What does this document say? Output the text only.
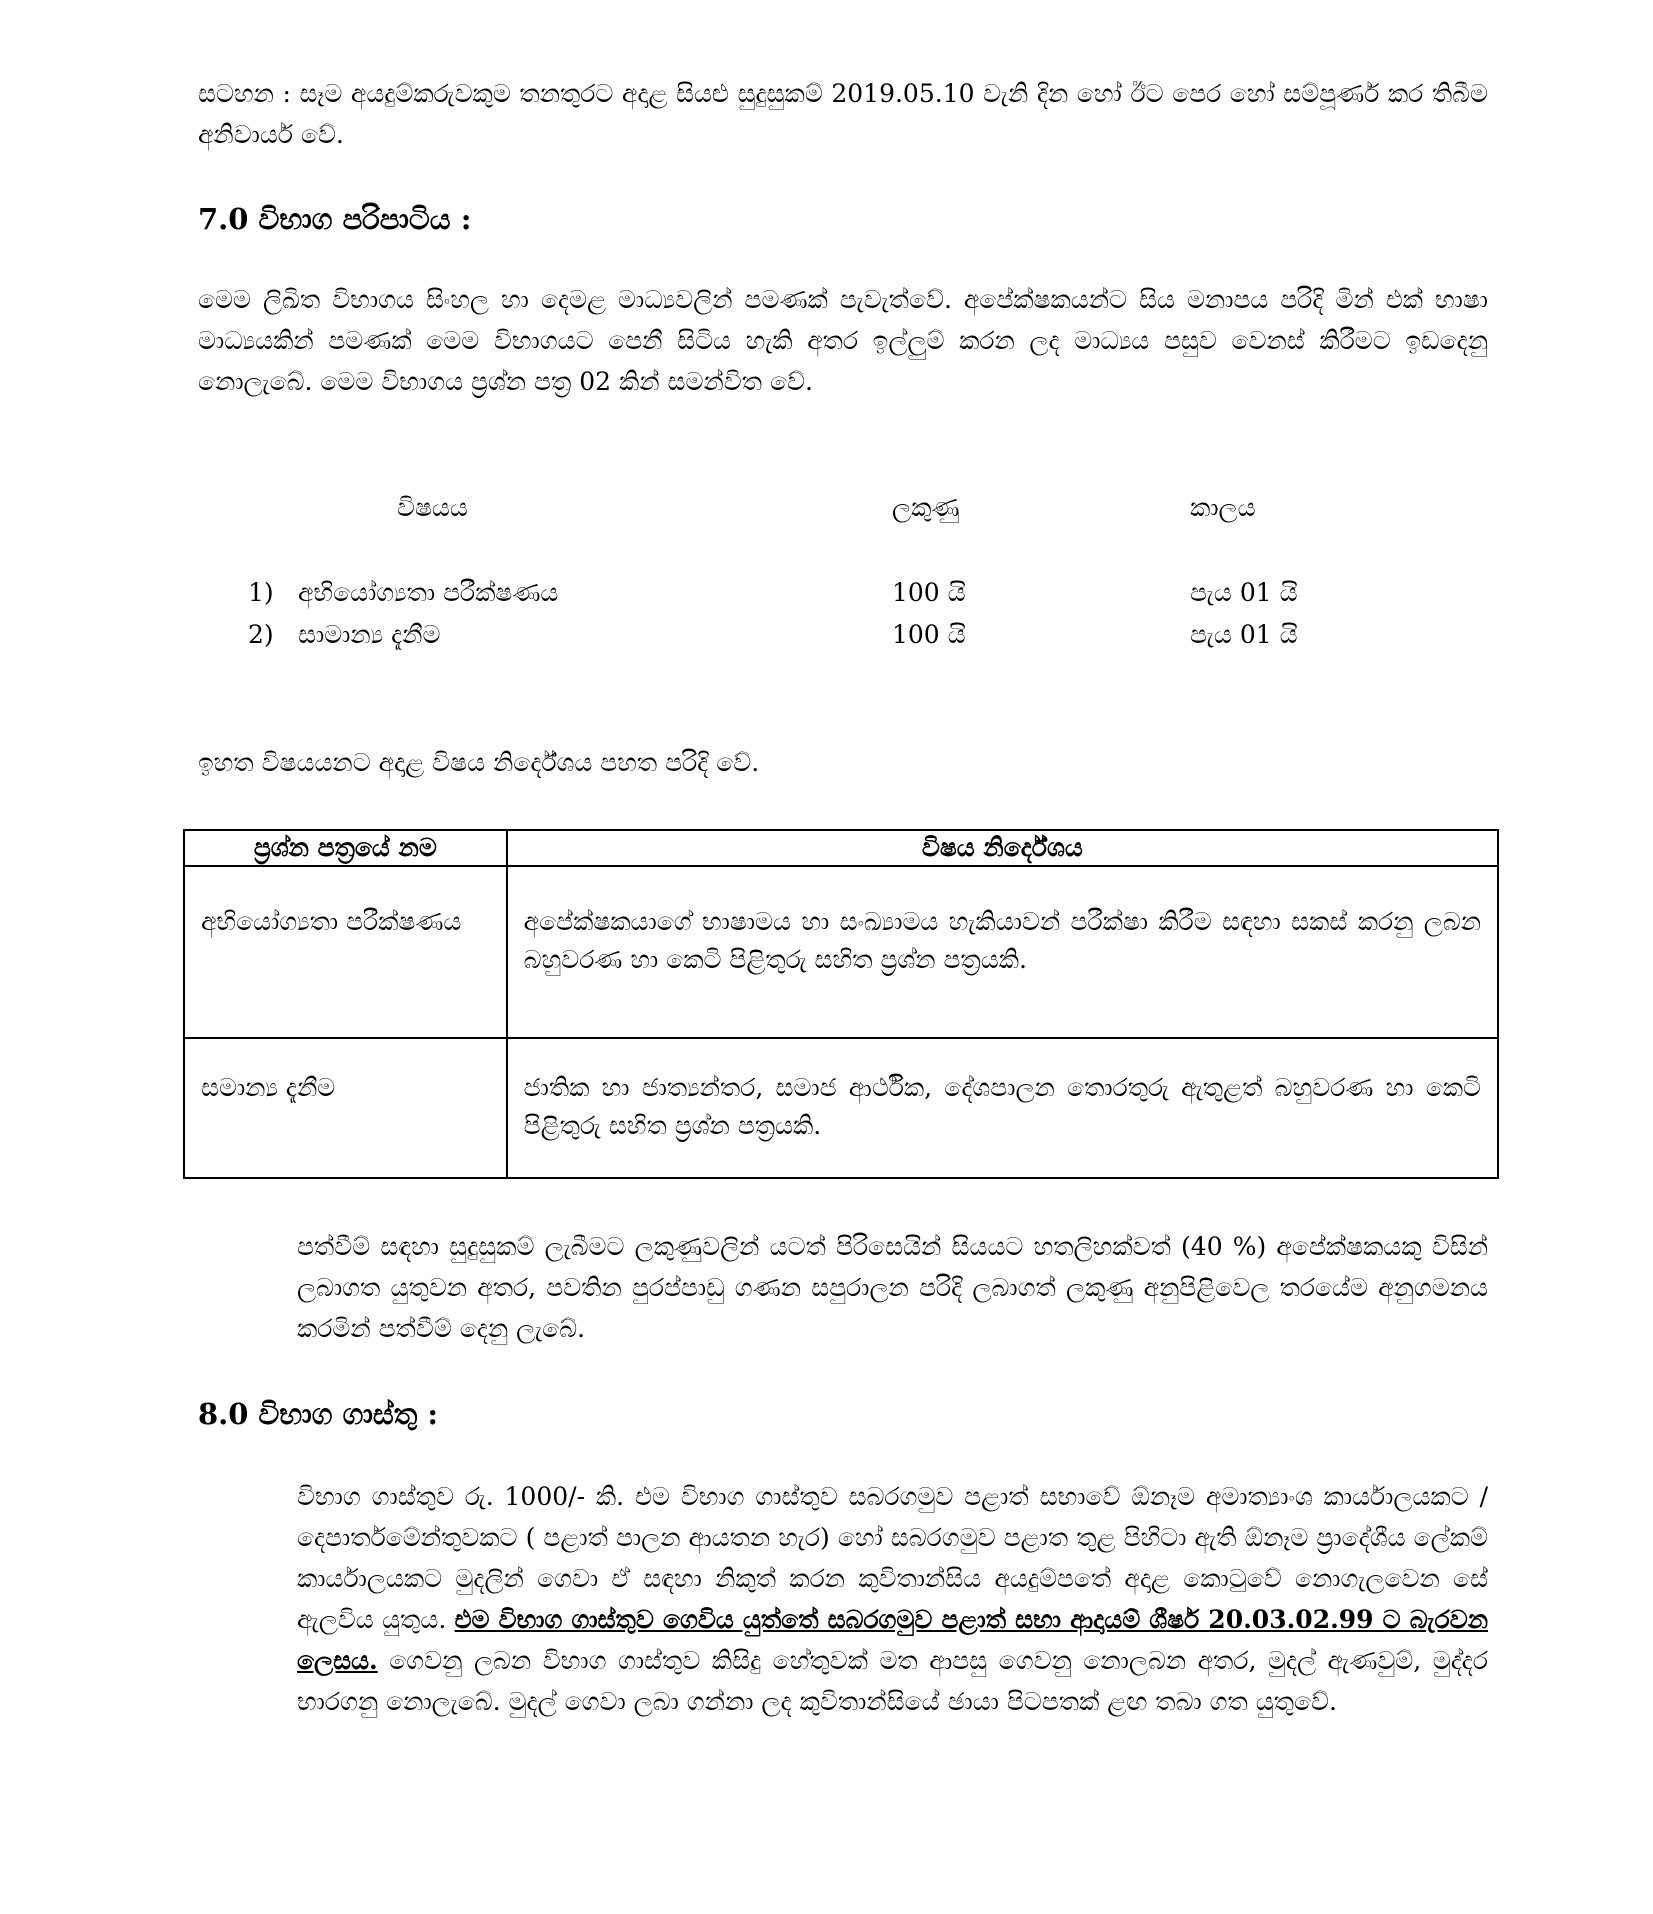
සටහන : සෑම අයදුම්කරුවකුම තනතුරට අදාළ සියළු සුදුසුකම් 2019.05.10 වැනි දින හෝ ඊට පෙර හෝ සම්පූර්ණ කර තිබීම අනිවාර්ය වේ.

7.0 විභාග පරිපාටිය :

මෙම ලිඛිත විභාගය සිංහල හා දෙමළ මාධ්‍යවලින් පමණක් පැවැත්වේ. අපේක්ෂකයන්ට සිය මනාපය පරිදි මින් එක් භාෂා මාධ්‍යයකින් පමණක් මෙම විභාගයට පෙනී සිටිය හැකි අතර ඉල්ලුම් කරන ලද මාධ්‍යය පසුව වෙනස් කිරීමට ඉඩදෙනු නොලැබේ. මෙම විභාගය ප්‍රශ්න පත්‍ර 02 කින් සමන්විත වේ.

විෂයය	ලකුණු	කාලය
1) අභියෝග්‍යතා පරීක්ෂණය	100 යි	පැය 01 යි
2) සාමාන්‍ය දැනීම	100 යි	පැය 01 යි

ඉහත විෂයයනට අදාළ විෂය නිර්දේශය පහත පරිදි වේ.

ප්‍රශ්න පත්‍රයේ නම	විෂය නිර්දේශය
අභියෝග්‍යතා පරීක්ෂණය	අපේක්ෂකයාගේ භාෂාමය හා සංඛ්‍යාමය හැකියාවන් පරීක්ෂා කිරීම සඳහා සකස් කරනු ලබන බහුවරණ හා කෙටි පිළිතුරු සහිත ප්‍රශ්න පත්‍රයකි.
සමාන්‍ය දැනීම	ජාතික හා ජාත්‍යන්තර, සමාජ ආර්ථික, දේශපාලන තොරතුරු ඇතුළත් බහුවරණ හා කෙටි පිළිතුරු සහිත ප්‍රශ්න පත්‍රයකි.

පත්වීම් සඳහා සුදුසුකම් ලැබීමට ලකුණුවලින් යටත් පිරිසෙයින් සියයට හතලිහක්වත් (40 %) අපේක්ෂකයකු විසින් ලබාගත යුතුවන අතර, පවතින පුරප්පාඩු ගණන සපුරාලන පරිදි ලබාගත් ලකුණු අනුපිළිවෙල තරයේම අනුගමනය කරමින් පත්වීම් දෙනු ලැබේ.

8.0 විභාග ගාස්තු :

විභාග ගාස්තුව රු. 1000/- කි. එම විභාග ගාස්තුව සබරගමුව පළාත් සභාවේ ඕනෑම අමාත්‍යාංශ කාර්යාලයකට / දෙපාර්තමේන්තුවකට ( පළාත් පාලන ආයතන හැර) හෝ සබරගමුව පළාත තුළ පිහිටා ඇති ඕනෑම ප්‍රාදේශීය ලේකම් කාර්යාලයකට මුදලින් ගෙවා ඒ සඳහා නිකුත් කරන කුවිතාන්සිය අයදුම්පතේ අදාළ කොටුවේ නොගැලවෙන සේ ඇලවිය යුතුය. එම විභාග ගාස්තුව ගෙවිය යුත්තේ සබරගමුව පළාත් සභා ආදායම් ශීර්ෂ 20.03.02.99 ට බැරවන ලෙසය. ගෙවනු ලබන විභාග ගාස්තුව කිසිදු හේතුවක් මත ආපසු ගෙවනු නොලබන අතර, මුදල් ඇණවුම්, මුද්දර භාරගනු නොලැබේ. මුදල් ගෙවා ලබා ගන්නා ලද කුවිතාන්සියේ ඡායා පිටපතක් ළඟ තබා ගත යුතුවේ.
